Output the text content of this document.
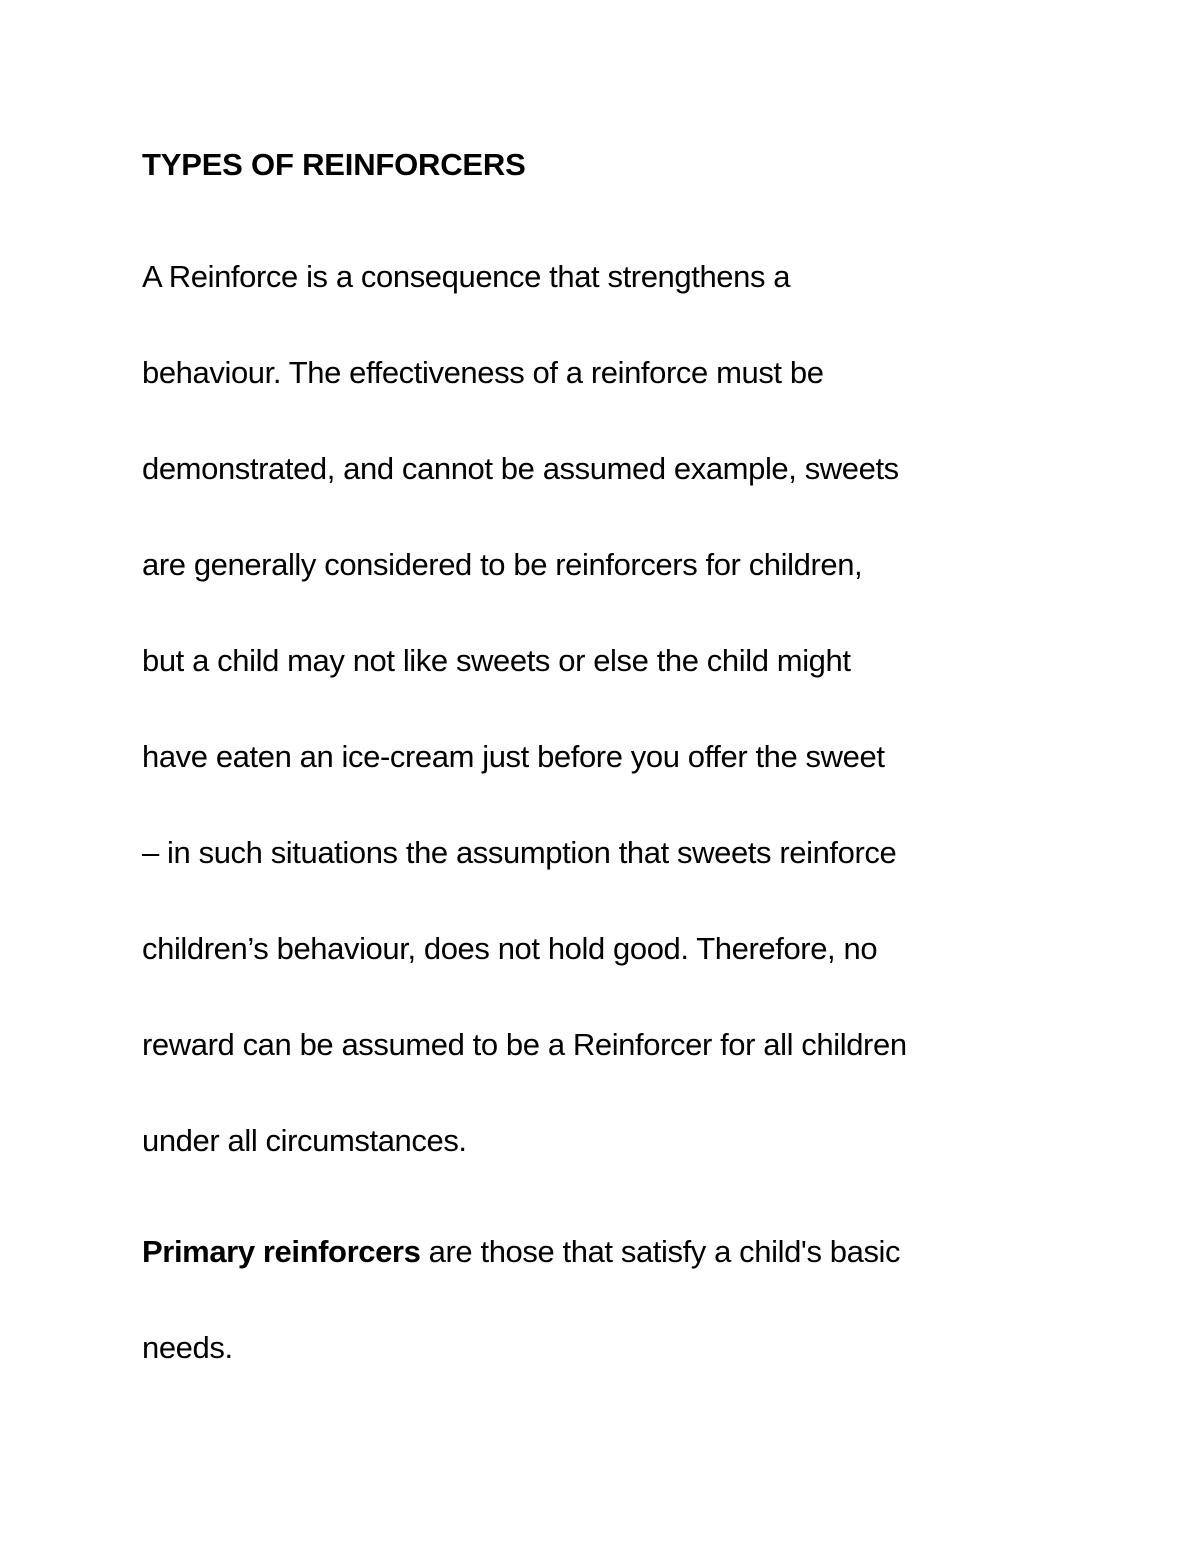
TYPES OF REINFORCERS
A Reinforce is a consequence that strengthens a
behaviour. The effectiveness of a reinforce must be
demonstrated, and cannot be assumed example, sweets
are generally considered to be reinforcers for children,
but a child may not like sweets or else the child might
have eaten an ice-cream just before you offer the sweet
– in such situations the assumption that sweets reinforce
children’s behaviour, does not hold good. Therefore, no
reward can be assumed to be a Reinforcer for all children
under all circumstances.
Primary reinforcers are those that satisfy a child's basic
needs.
